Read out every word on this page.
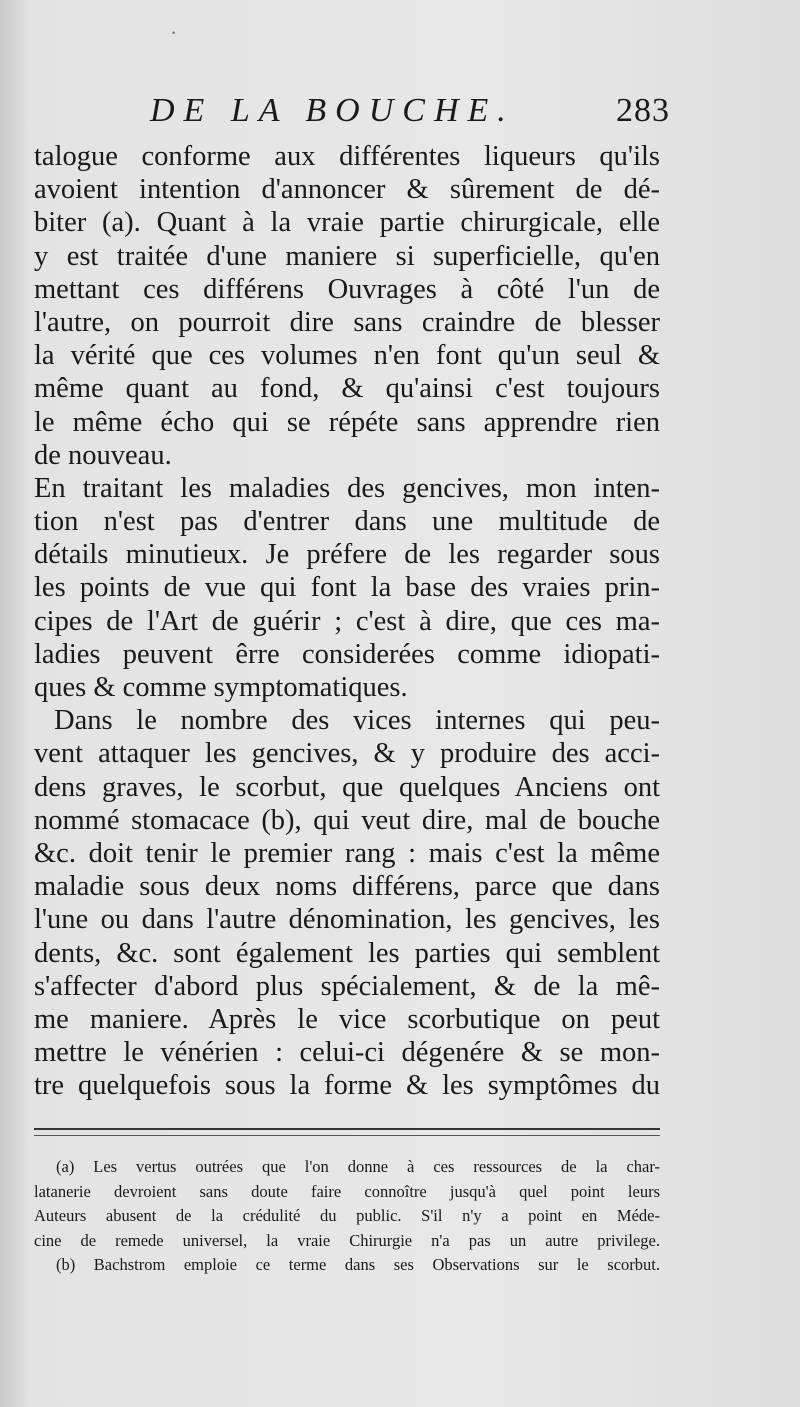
·
DE LA BOUCHE.	283
talogue conforme aux différentes liqueurs qu'ils
avoient intention d'annoncer & sûrement de dé-
biter (a). Quant à la vraie partie chirurgicale, elle
y est traitée d'une maniere si superficielle, qu'en
mettant ces différens Ouvrages à côté l'un de
l'autre, on pourroit dire sans craindre de blesser
la vérité que ces volumes n'en font qu'un seul &
même quant au fond, & qu'ainsi c'est toujours
le même écho qui se répéte sans apprendre rien
de nouveau.
En traitant les maladies des gencives, mon inten-
tion n'est pas d'entrer dans une multitude de
détails minutieux. Je préfere de les regarder sous
les points de vue qui font la base des vraies prin-
cipes de l'Art de guérir ; c'est à dire, que ces ma-
ladies peuvent êrre considerées comme idiopati-
ques & comme symptomatiques.
Dans le nombre des vices internes qui peu-
vent attaquer les gencives, & y produire des acci-
dens graves, le scorbut, que quelques Anciens ont
nommé stomacace (b), qui veut dire, mal de bouche
&c. doit tenir le premier rang : mais c'est la même
maladie sous deux noms différens, parce que dans
l'une ou dans l'autre dénomination, les gencives, les
dents, &c. sont également les parties qui semblent
s'affecter d'abord plus spécialement, & de la mê-
me maniere. Après le vice scorbutique on peut
mettre le vénérien : celui-ci dégenére & se mon-
tre quelquefois sous la forme & les symptômes du
(a) Les vertus outrées que l'on donne à ces ressources de la char-
latanerie devroient sans doute faire connoître jusqu'à quel point leurs
Auteurs abusent de la crédulité du public. S'il n'y a point en Méde-
cine de remede universel, la vraie Chirurgie n'a pas un autre privilege.
(b) Bachstrom emploie ce terme dans ses Observations sur le scorbut.
